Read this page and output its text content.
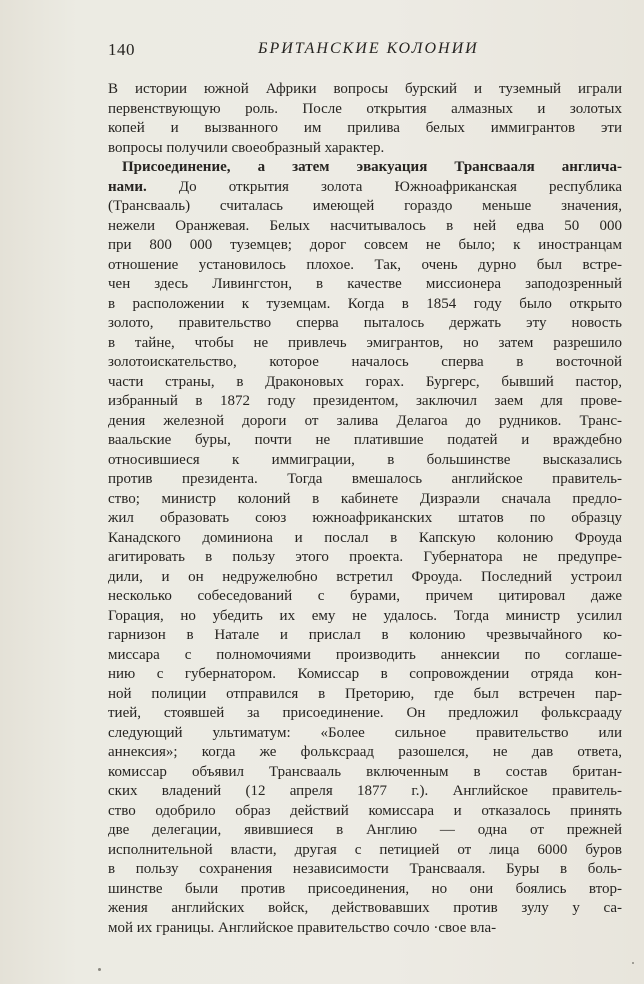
140	БРИТАНСКИЕ КОЛОНИИ
В истории южной Африки вопросы бурский и туземный играли
первенствующую роль. После открытия алмазных и золотых
копей и вызванного им прилива белых иммигрантов эти
вопросы получили своеобразный характер.
Присоединение, а затем эвакуация Трансвааля англича-
нами. До открытия золота Южноафриканская республика
(Трансвааль) считалась имеющей гораздо меньше значения,
нежели Оранжевая. Белых насчитывалось в ней едва 50 000
при 800 000 туземцев; дорог совсем не было; к иностранцам
отношение установилось плохое. Так, очень дурно был встре-
чен здесь Ливингстон, в качестве миссионера заподозренный
в расположении к туземцам. Когда в 1854 году было открыто
золото, правительство сперва пыталось держать эту новость
в тайне, чтобы не привлечь эмигрантов, но затем разрешило
золотоискательство, которое началось сперва в восточной
части страны, в Драконовых горах. Бургерс, бывший пастор,
избранный в 1872 году президентом, заключил заем для прове-
дения железной дороги от залива Делагоа до рудников. Транс-
ваальские буры, почти не платившие податей и враждебно
относившиеся к иммиграции, в большинстве высказались
против президента. Тогда вмешалось английское правитель-
ство; министр колоний в кабинете Дизраэли сначала предло-
жил образовать союз южноафриканских штатов по образцу
Канадского доминиона и послал в Капскую колонию Фроуда
агитировать в пользу этого проекта. Губернатора не предупре-
дили, и он недружелюбно встретил Фроуда. Последний устроил
несколько собеседований с бурами, причем цитировал даже
Горация, но убедить их ему не удалось. Тогда министр усилил
гарнизон в Натале и прислал в колонию чрезвычайного ко-
миссара с полномочиями производить аннексии по соглаше-
нию с губернатором. Комиссар в сопровождении отряда кон-
ной полиции отправился в Преторию, где был встречен пар-
тией, стоявшей за присоединение. Он предложил фольксрааду
следующий ультиматум: «Более сильное правительство или
аннексия»; когда же фольксраад разошелся, не дав ответа,
комиссар объявил Трансвааль включенным в состав британ-
ских владений (12 апреля 1877 г.). Английское правитель-
ство одобрило образ действий комиссара и отказалось принять
две делегации, явившиеся в Англию — одна от прежней
исполнительной власти, другая с петицией от лица 6000 буров
в пользу сохранения независимости Трансвааля. Буры в боль-
шинстве были против присоединения, но они боялись втор-
жения английских войск, действовавших против зулу у са-
мой их границы. Английское правительство сочло ·свое вла-
